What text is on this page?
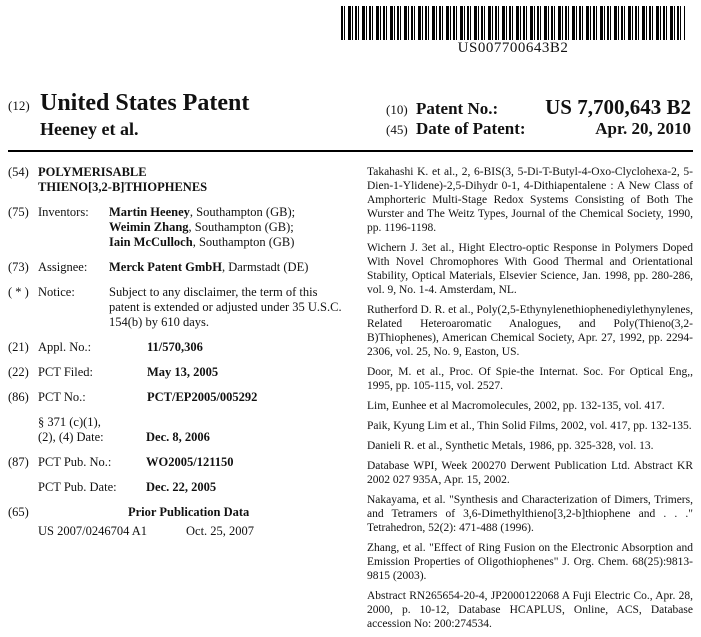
US007700643B2
(12) United States Patent
Heeney et al.
(10) Patent No.:	US 7,700,643 B2
(45) Date of Patent:	Apr. 20, 2010
(54) POLYMERISABLE
THIENO[3,2-B]THIOPHENES
(75) Inventors:	Martin Heeney, Southampton (GB);
Weimin Zhang, Southampton (GB);
Iain McCulloch, Southampton (GB)
(73) Assignee:	Merck Patent GmbH, Darmstadt (DE)
( * ) Notice:	Subject to any disclaimer, the term of this patent is extended or adjusted under 35 U.S.C. 154(b) by 610 days.
(21) Appl. No.:	11/570,306
(22) PCT Filed:	May 13, 2005
(86) PCT No.:	PCT/EP2005/005292
§ 371 (c)(1),
(2), (4) Date:	Dec. 8, 2006
(87) PCT Pub. No.:	WO2005/121150
PCT Pub. Date:	Dec. 22, 2005
(65)	Prior Publication Data
US 2007/0246704 A1	Oct. 25, 2007
Takahashi K. et al., 2, 6-BIS(3, 5-Di-T-Butyl-4-Oxo-Clyclohexa-2, 5-Dien-1-Ylidene)-2,5-Dihydr 0-1, 4-Dithiapentalene : A New Class of Amphorteric Multi-Stage Redox Systems Consisting of Both The Wurster and The Weitz Types, Journal of the Chemical Society, 1990, pp. 1196-1198.
Wichern J. 3et al., Hight Electro-optic Response in Polymers Doped With Novel Chromophores With Good Thermal and Orientational Stability, Optical Materials, Elsevier Science, Jan. 1998, pp. 280-286, vol. 9, No. 1-4. Amsterdam, NL.
Rutherford D. R. et al., Poly(2,5-Ethynylenethiophenediylethynylenes, Related Heteroaromatic Analogues, and Poly(Thieno(3,2-B)Thiophenes), American Chemical Society, Apr. 27, 1992, pp. 2294-2306, vol. 25, No. 9, Easton, US.
Door, M. et al., Proc. Of Spie-the Internat. Soc. For Optical Eng,, 1995, pp. 105-115, vol. 2527.
Lim, Eunhee et al Macromolecules, 2002, pp. 132-135, vol. 417.
Paik, Kyung Lim et al., Thin Solid Films, 2002, vol. 417, pp. 132-135.
Danieli R. et al., Synthetic Metals, 1986, pp. 325-328, vol. 13.
Database WPI, Week 200270 Derwent Publication Ltd. Abstract KR 2002 027 935A, Apr. 15, 2002.
Nakayama, et al. "Synthesis and Characterization of Dimers, Trimers, and Tetramers of 3,6-Dimethylthieno[3,2-b]thiophene and . . ." Tetrahedron, 52(2): 471-488 (1996).
Zhang, et al. "Effect of Ring Fusion on the Electronic Absorption and Emission Properties of Oligothiophenes" J. Org. Chem. 68(25):9813-9815 (2003).
Abstract RN265654-20-4, JP2000122068 A Fuji Electric Co., Apr. 28, 2000, p. 10-12, Database HCAPLUS, Online, ACS, Database accession No: 200:274534.
